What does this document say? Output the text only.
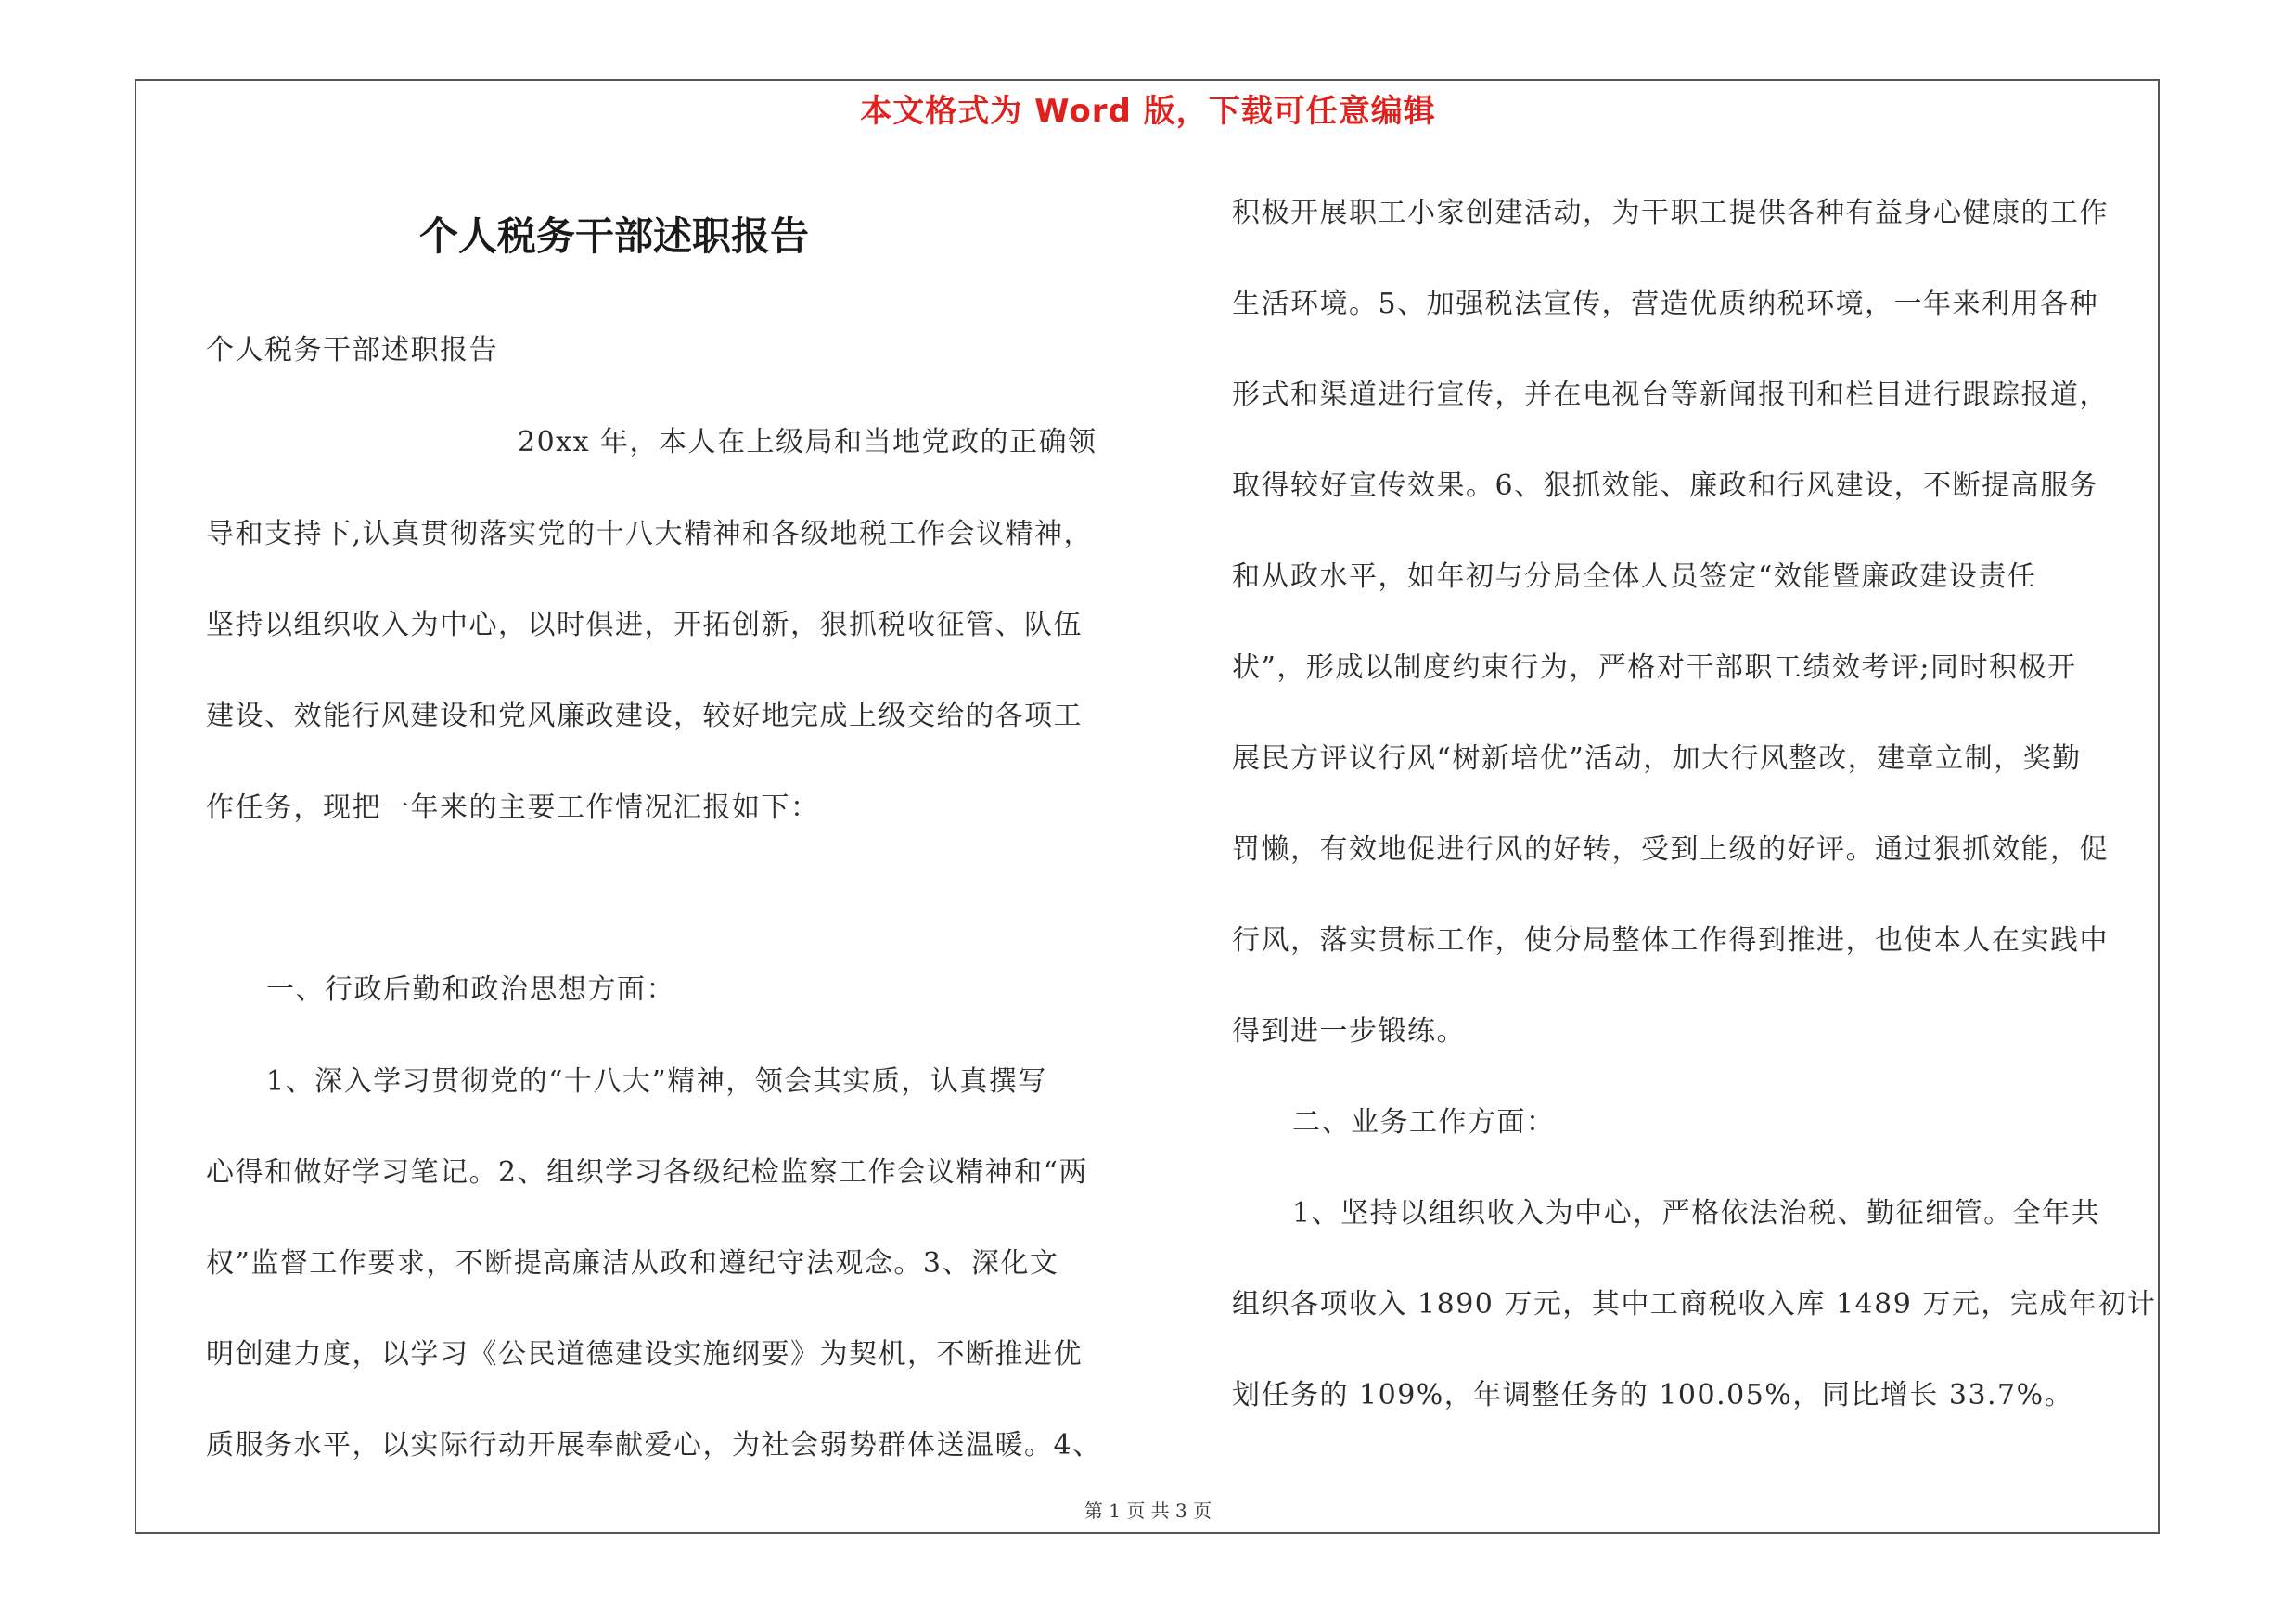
本文格式为 Word 版，下载可任意编辑
个人税务干部述职报告
个人税务干部述职报告
20xx 年，本人在上级局和当地党政的正确领
导和支持下,认真贯彻落实党的十八大精神和各级地税工作会议精神，
坚持以组织收入为中心，以时俱进，开拓创新，狠抓税收征管、队伍
建设、效能行风建设和党风廉政建设，较好地完成上级交给的各项工
作任务，现把一年来的主要工作情况汇报如下：
一、行政后勤和政治思想方面：
1、深入学习贯彻党的“十八大”精神，领会其实质，认真撰写
心得和做好学习笔记。2、组织学习各级纪检监察工作会议精神和“两
权”监督工作要求，不断提高廉洁从政和遵纪守法观念。3、深化文
明创建力度，以学习《公民道德建设实施纲要》为契机，不断推进优
质服务水平，以实际行动开展奉献爱心，为社会弱势群体送温暖。4、
积极开展职工小家创建活动，为干职工提供各种有益身心健康的工作
生活环境。5、加强税法宣传，营造优质纳税环境，一年来利用各种
形式和渠道进行宣传，并在电视台等新闻报刊和栏目进行跟踪报道，
取得较好宣传效果。6、狠抓效能、廉政和行风建设，不断提高服务
和从政水平，如年初与分局全体人员签定“效能暨廉政建设责任
状”，形成以制度约束行为，严格对干部职工绩效考评;同时积极开
展民方评议行风“树新培优”活动，加大行风整改，建章立制，奖勤
罚懒，有效地促进行风的好转，受到上级的好评。通过狠抓效能，促
行风，落实贯标工作，使分局整体工作得到推进，也使本人在实践中
得到进一步锻练。
二、业务工作方面：
1、坚持以组织收入为中心，严格依法治税、勤征细管。全年共
组织各项收入 1890 万元，其中工商税收入库 1489 万元，完成年初计
划任务的 109%，年调整任务的 100.05%，同比增长 33.7%。
第 1 页 共 3 页
